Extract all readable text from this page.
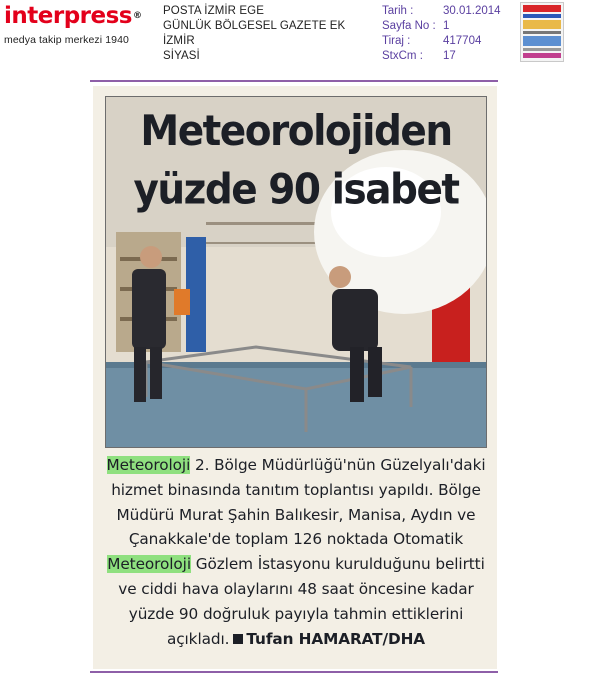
interpress®
medya takip merkezi 1940
POSTA İZMİR EGE
GÜNLÜK BÖLGESEL GAZETE EK
İZMİR
SİYASİ
Tarih :	30.01.2014
Sayfa No : 1
Tiraj :	417704
StxCm : 17
Meteorolojiden
yüzde 90 isabet
Meteoroloji 2. Bölge Müdürlüğü'nün Güzelyalı'daki hizmet binasında tanıtım toplantısı yapıldı. Bölge Müdürü Murat Şahin Balıkesir, Manisa, Aydın ve Çanakkale'de toplam 126 noktada Otomatik Meteoroloji Gözlem İstasyonu kurulduğunu belirtti ve ciddi hava olaylarını 48 saat öncesine kadar yüzde 90 doğruluk payıyla tahmin ettiklerini açıkladı. Tufan HAMARAT/DHA
